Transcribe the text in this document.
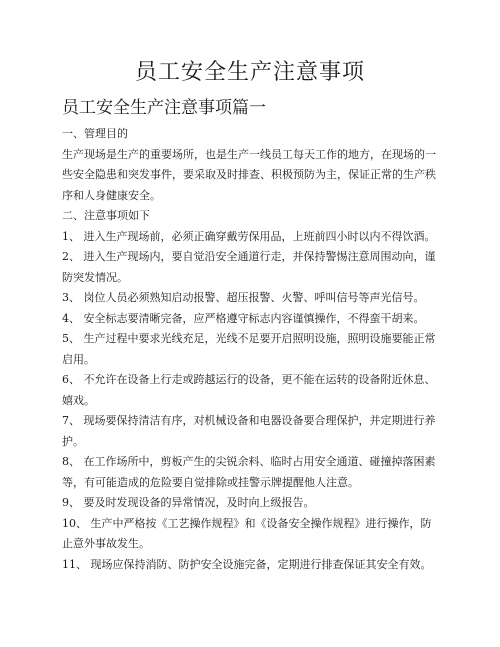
员工安全生产注意事项
员工安全生产注意事项篇一

一、管理目的

生产现场是生产的重要场所，也是生产一线员工每天工作的地方，在现场的一些安全隐患和突发事件，要采取及时排查、积极预防为主，保证正常的生产秩序和人身健康安全。

二、注意事项如下

1、 进入生产现场前，必须正确穿戴劳保用品，上班前四小时以内不得饮酒。

2、 进入生产现场内，要自觉沿安全通道行走，并保持警惕注意周围动向，谨防突发情况。

3、 岗位人员必须熟知启动报警、超压报警、火警、呼叫信号等声光信号。

4、 安全标志要清晰完备，应严格遵守标志内容谨慎操作，不得蛮干胡来。

5、 生产过程中要求光线充足，光线不足要开启照明设施，照明设施要能正常启用。

6、 不允许在设备上行走或跨越运行的设备，更不能在运转的设备附近休息、嬉戏。

7、 现场要保持清洁有序，对机械设备和电器设备要合理保护，并定期进行养护。

8、 在工作场所中，剪板产生的尖锐余料、临时占用安全通道、碰撞掉落困素等，有可能造成的危险要自觉排除或挂警示牌提醒他人注意。

9、 要及时发现设备的异常情况，及时向上级报告。

10、 生产中严格按《工艺操作规程》和《设备安全操作规程》进行操作，防止意外事故发生。

11、 现场应保持消防、防护安全设施完备，定期进行排查保证其安全有效。
